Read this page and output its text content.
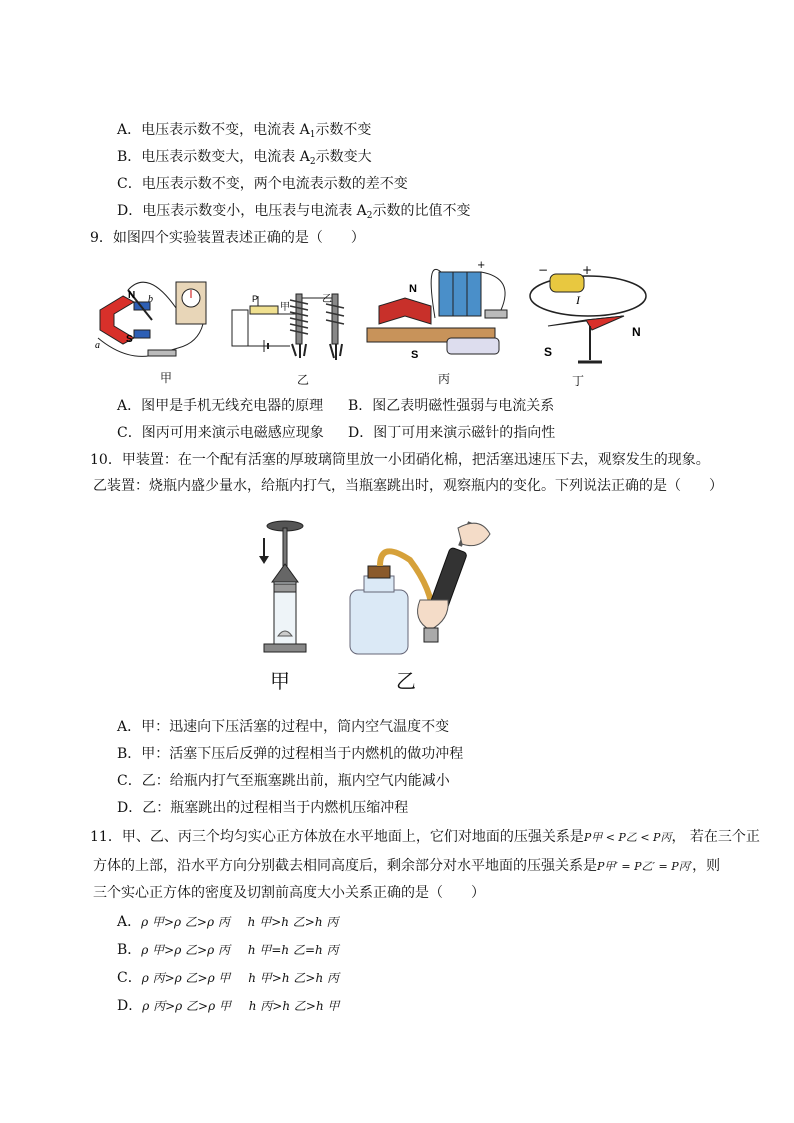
A．电压表示数不变，电流表 $A_1$示数不变
B．电压表示数变大，电流表 $A_2$示数变大
C．电压表示数不变，两个电流表示数的差不变
D．电压表示数变小，电压表与电流表 $A_2$示数的比值不变
9．如图四个实验装置表述正确的是（　　）
N b
S
a
甲
P
甲
乙
乙
N
S
+
丙
−	+
I
S
N
丁
A．图甲是手机无线充电器的原理 B．图乙表明磁性强弱与电流关系
C．图丙可用来演示电磁感应现象 D．图丁可用来演示磁针的指向性
10．甲装置：在一个配有活塞的厚玻璃筒里放一小团硝化棉，把活塞迅速压下去，观察发生的现象。
乙装置：烧瓶内盛少量水，给瓶内打气，当瓶塞跳出时，观察瓶内的变化。下列说法正确的是（　　）
甲	乙
A．甲：迅速向下压活塞的过程中，筒内空气温度不变
B．甲：活塞下压后反弹的过程相当于内燃机的做功冲程
C．乙：给瓶内打气至瓶塞跳出前，瓶内空气内能减小
D．乙：瓶塞跳出的过程相当于内燃机压缩冲程
11．甲、乙、丙三个均匀实心正方体放在水平地面上，它们对地面的压强关系是P甲 < P乙 < P丙， 若在三个正
方体的上部，沿水平方向分别截去相同高度后，剩余部分对水平地面的压强关系是P甲′ = P乙′ = P丙′，则
三个实心正方体的密度及切割前高度大小关系正确的是（　　）
A．ρ 甲>ρ 乙>ρ 丙 h 甲>h 乙>h 丙
B．ρ 甲>ρ 乙>ρ 丙 h 甲=h 乙=h 丙
C．ρ 丙>ρ 乙>ρ 甲 h 甲>h 乙>h 丙
D．ρ 丙>ρ 乙>ρ 甲 h 丙>h 乙>h 甲
